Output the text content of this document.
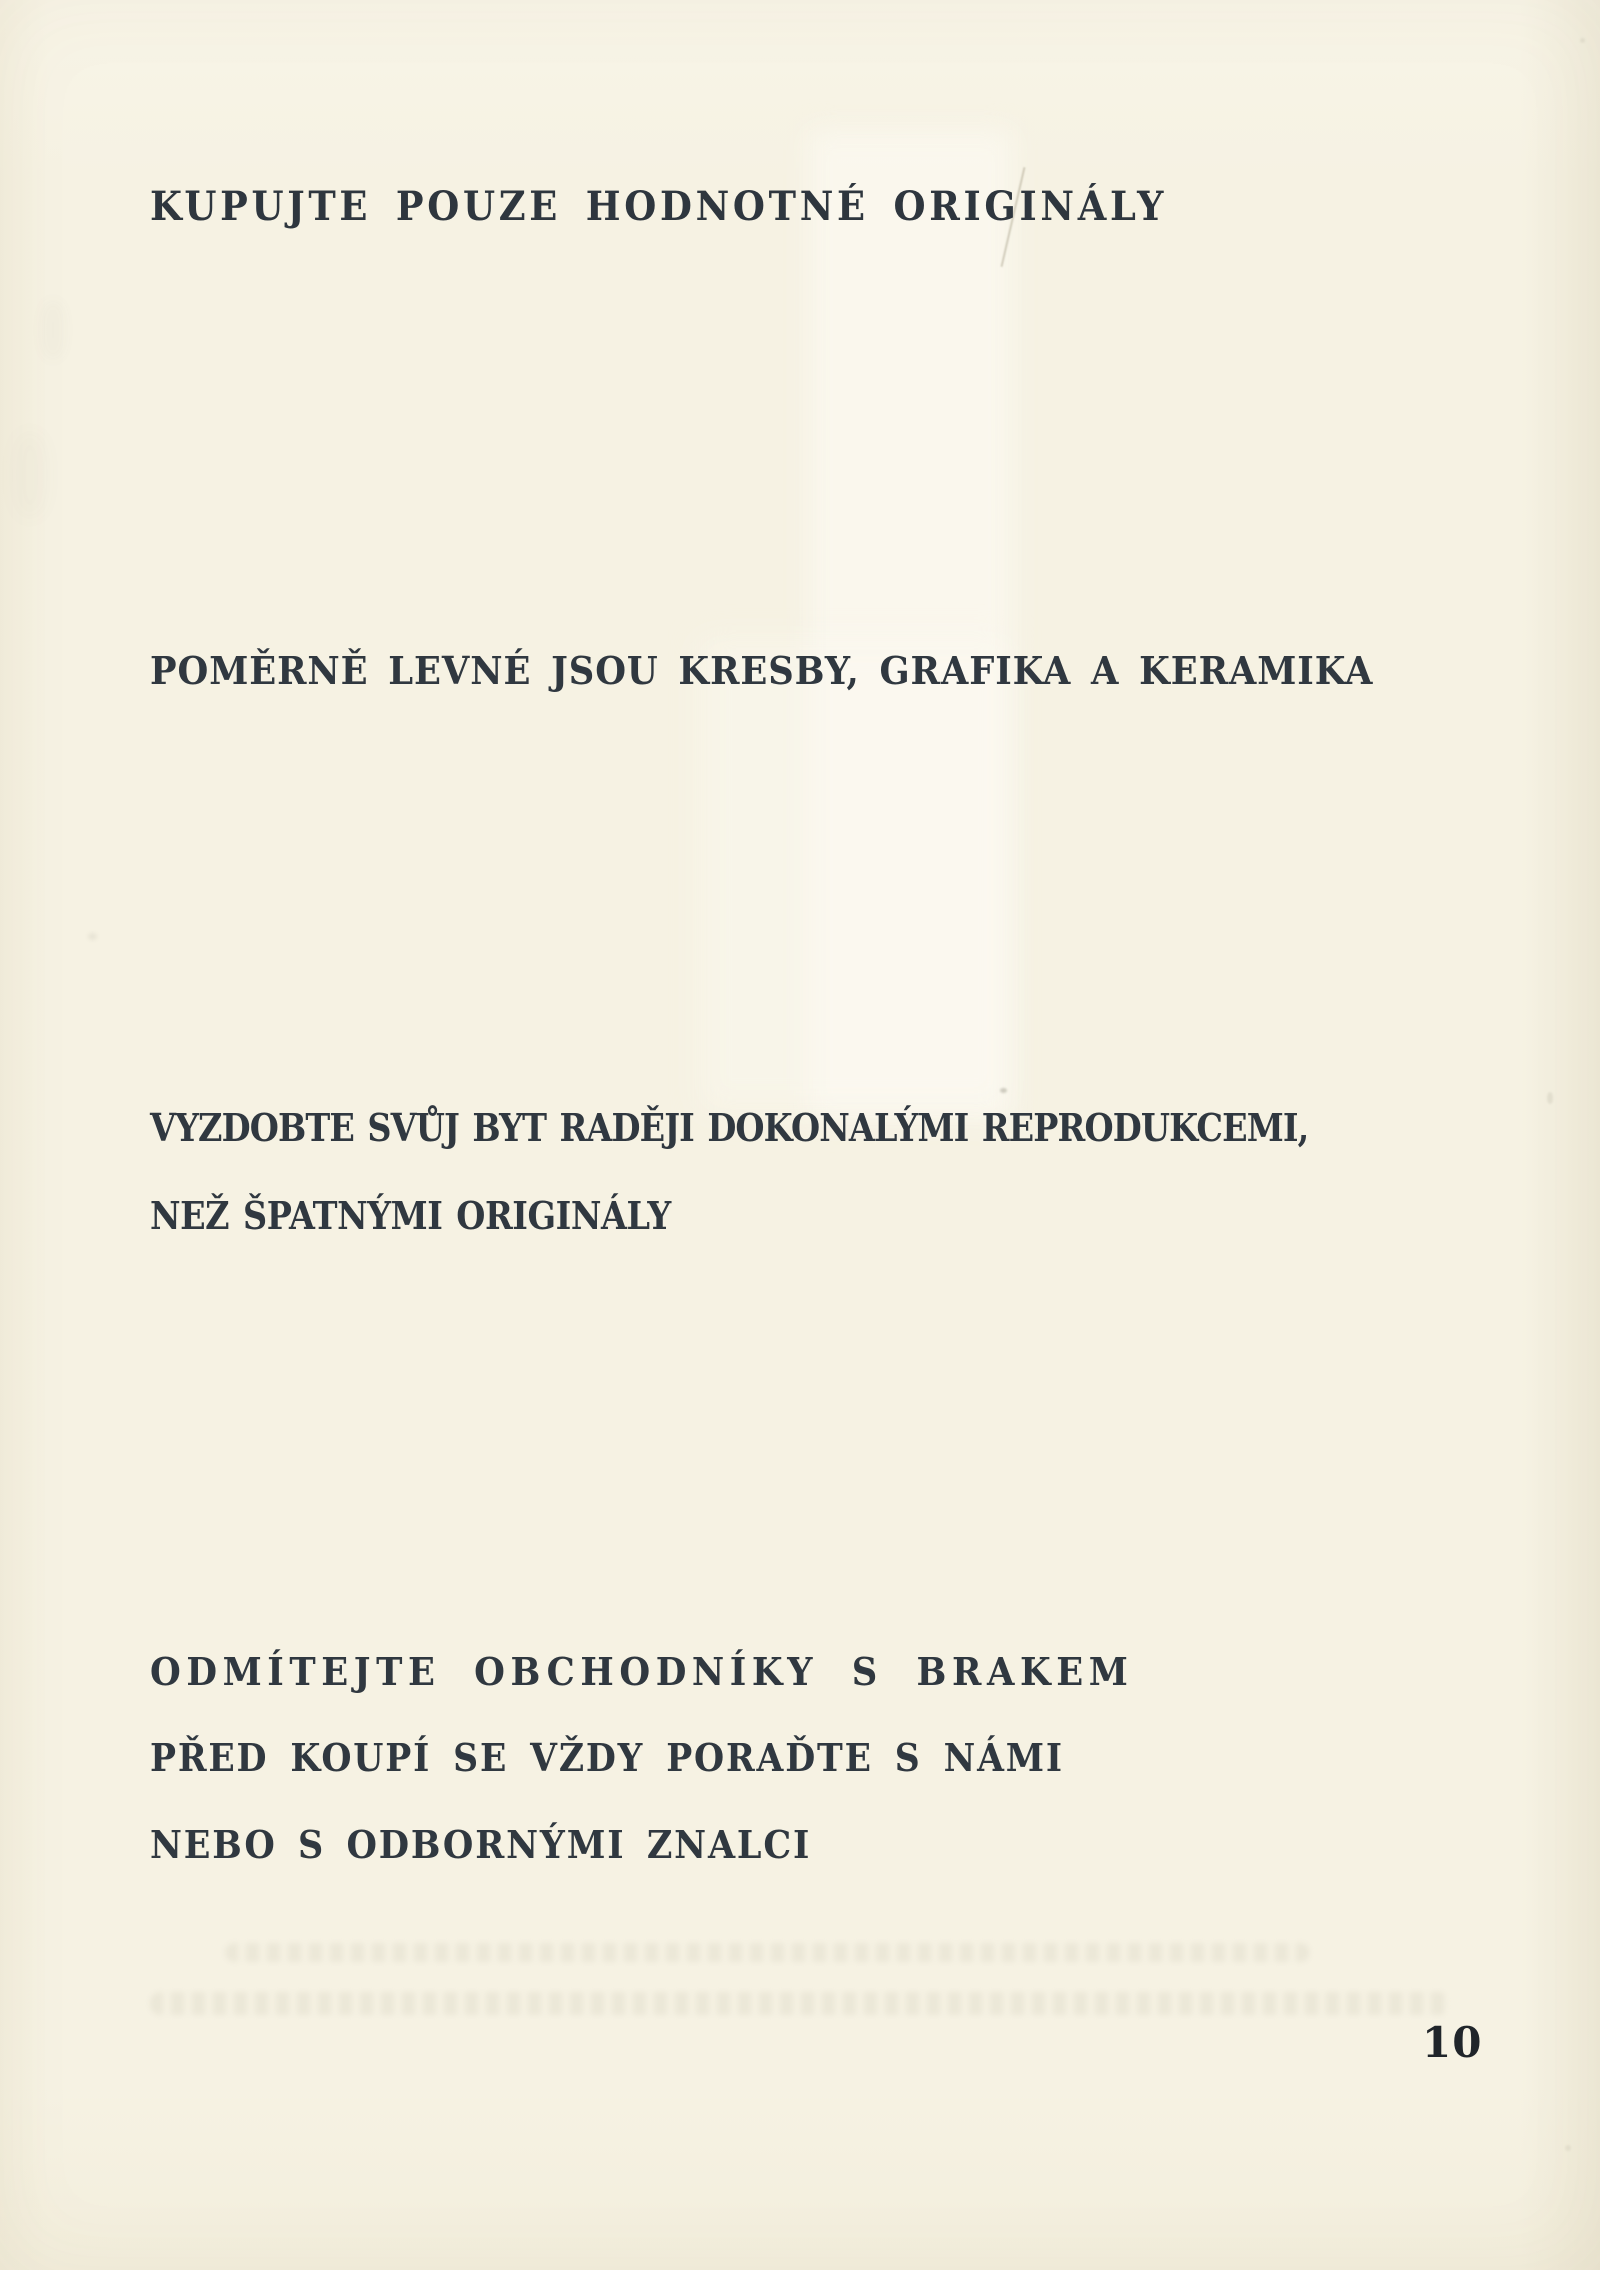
KUPUJTE POUZE HODNOTNÉ ORIGINÁLY
POMĚRNĚ LEVNÉ JSOU KRESBY, GRAFIKA A KERAMIKA
VYZDOBTE SVŮJ BYT RADĚJI DOKONALÝMI REPRODUKCEMI,
NEŽ ŠPATNÝMI ORIGINÁLY
ODMÍTEJTE OBCHODNÍKY S BRAKEM
PŘED KOUPÍ SE VŽDY PORAĎTE S NÁMI
NEBO S ODBORNÝMI ZNALCI
10
